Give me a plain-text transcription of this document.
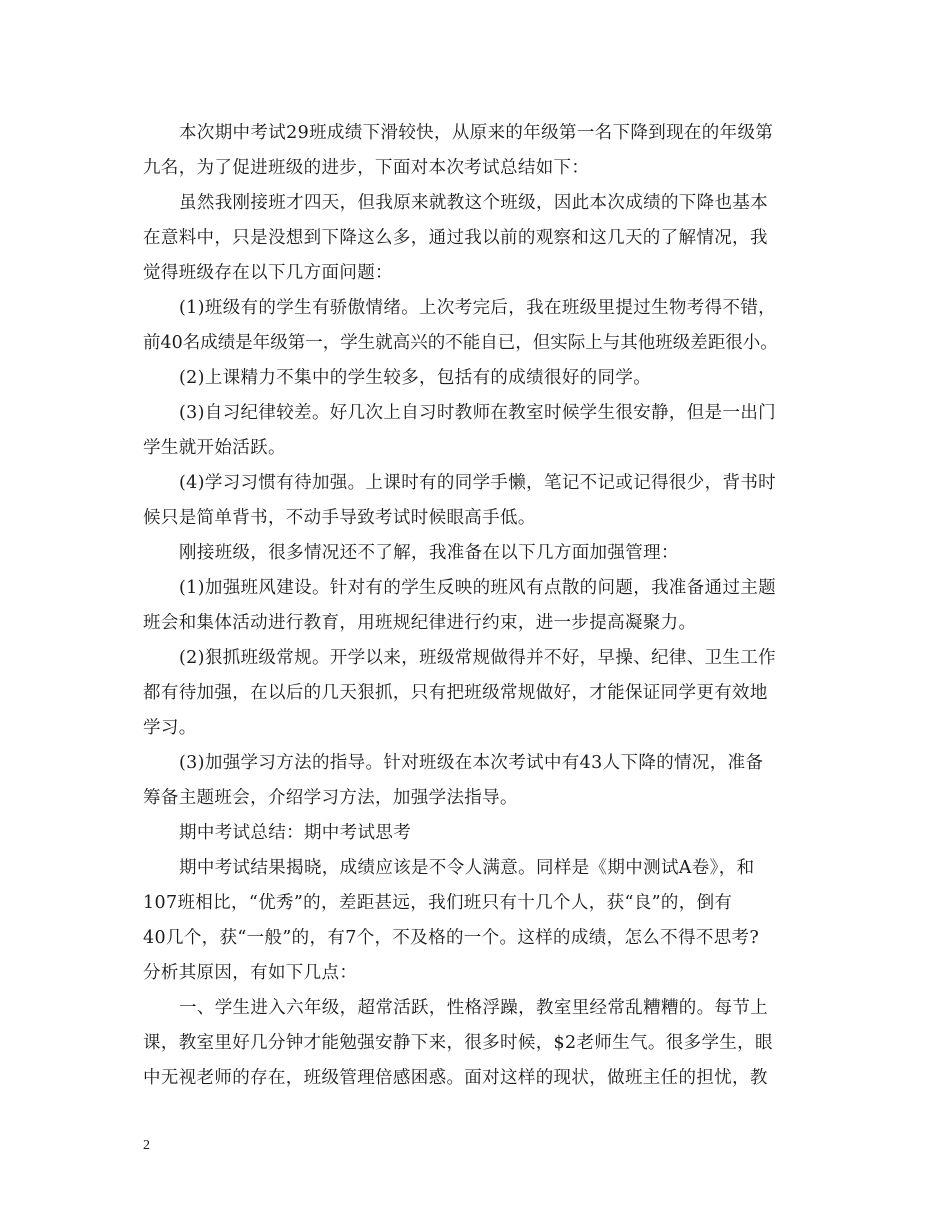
本次期中考试29班成绩下滑较快，从原来的年级第一名下降到现在的年级第
九名，为了促进班级的进步，下面对本次考试总结如下：
虽然我刚接班才四天，但我原来就教这个班级，因此本次成绩的下降也基本
在意料中，只是没想到下降这么多，通过我以前的观察和这几天的了解情况，我
觉得班级存在以下几方面问题：
(1)班级有的学生有骄傲情绪。上次考完后，我在班级里提过生物考得不错，
前40名成绩是年级第一，学生就高兴的不能自已，但实际上与其他班级差距很小。
(2)上课精力不集中的学生较多，包括有的成绩很好的同学。
(3)自习纪律较差。好几次上自习时教师在教室时候学生很安静，但是一出门
学生就开始活跃。
(4)学习习惯有待加强。上课时有的同学手懒，笔记不记或记得很少，背书时
候只是简单背书，不动手导致考试时候眼高手低。
刚接班级，很多情况还不了解，我准备在以下几方面加强管理：
(1)加强班风建设。针对有的学生反映的班风有点散的问题，我准备通过主题
班会和集体活动进行教育，用班规纪律进行约束，进一步提高凝聚力。
(2)狠抓班级常规。开学以来，班级常规做得并不好，早操、纪律、卫生工作
都有待加强，在以后的几天狠抓，只有把班级常规做好，才能保证同学更有效地
学习。
(3)加强学习方法的指导。针对班级在本次考试中有43人下降的情况，准备
筹备主题班会，介绍学习方法，加强学法指导。
期中考试总结：期中考试思考
期中考试结果揭晓，成绩应该是不令人满意。同样是《期中测试A卷》，和
107班相比，“优秀”的，差距甚远，我们班只有十几个人，获“良”的，倒有
40几个，获“一般”的，有7个，不及格的一个。这样的成绩，怎么不得不思考?
分析其原因，有如下几点：
一、学生进入六年级，超常活跃，性格浮躁，教室里经常乱糟糟的。每节上
课，教室里好几分钟才能勉强安静下来，很多时候，$2老师生气。很多学生，眼
中无视老师的存在，班级管理倍感困惑。面对这样的现状，做班主任的担忧，教
2
